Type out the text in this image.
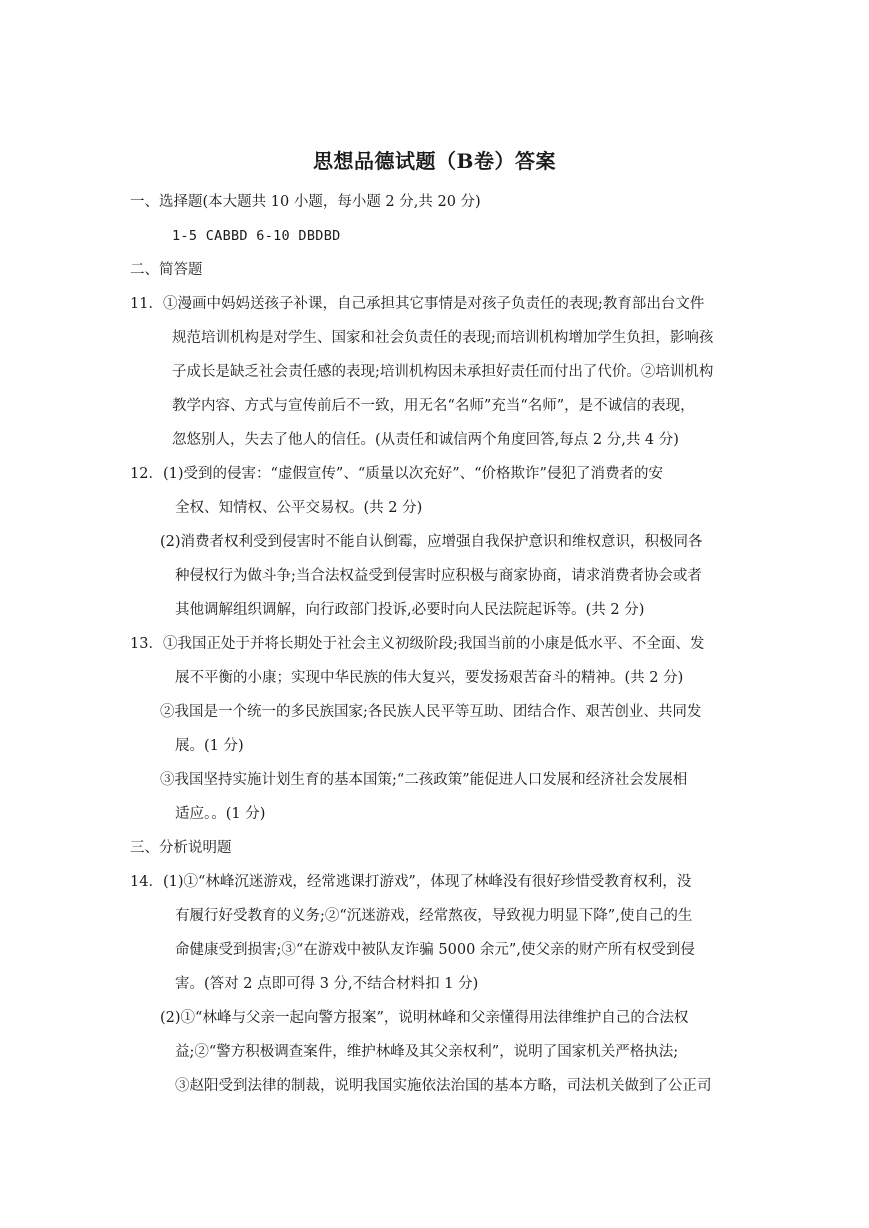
思想品德试题（B卷）答案
一、选择题(本大题共 10 小题，每小题 2 分,共 20 分)
1-5 CABBD 6-10 DBDBD
二、简答题
11．①漫画中妈妈送孩子补课，自己承担其它事情是对孩子负责任的表现;教育部出台文件
规范培训机构是对学生、国家和社会负责任的表现;而培训机构增加学生负担，影响孩
子成长是缺乏社会责任感的表现;培训机构因未承担好责任而付出了代价。②培训机构
教学内容、方式与宣传前后不一致，用无名“名师”充当“名师”，是不诚信的表现，
忽悠别人，失去了他人的信任。(从责任和诚信两个角度回答,每点 2 分,共 4 分)
12．(1)受到的侵害：“虚假宣传”、“质量以次充好”、“价格欺诈”侵犯了消费者的安
全权、知情权、公平交易权。(共 2 分)
(2)消费者权利受到侵害时不能自认倒霉，应增强自我保护意识和维权意识，积极同各
种侵权行为做斗争;当合法权益受到侵害时应积极与商家协商，请求消费者协会或者
其他调解组织调解，向行政部门投诉,必要时向人民法院起诉等。(共 2 分)
13．①我国正处于并将长期处于社会主义初级阶段;我国当前的小康是低水平、不全面、发
展不平衡的小康；实现中华民族的伟大复兴，要发扬艰苦奋斗的精神。(共 2 分)
②我国是一个统一的多民族国家;各民族人民平等互助、团结合作、艰苦创业、共同发
展。(1 分)
③我国坚持实施计划生育的基本国策;“二孩政策”能促进人口发展和经济社会发展相
适应。。(1 分)
三、分析说明题
14．(1)①“林峰沉迷游戏，经常逃课打游戏”，体现了林峰没有很好珍惜受教育权利，没
有履行好受教育的义务;②“沉迷游戏，经常熬夜，导致视力明显下降”,使自己的生
命健康受到损害;③“在游戏中被队友诈骗 5000 余元”,使父亲的财产所有权受到侵
害。(答对 2 点即可得 3 分,不结合材料扣 1 分)
(2)①“林峰与父亲一起向警方报案”，说明林峰和父亲懂得用法律维护自己的合法权
益;②“警方积极调查案件，维护林峰及其父亲权利”，说明了国家机关严格执法;
③赵阳受到法律的制裁，说明我国实施依法治国的基本方略，司法机关做到了公正司
